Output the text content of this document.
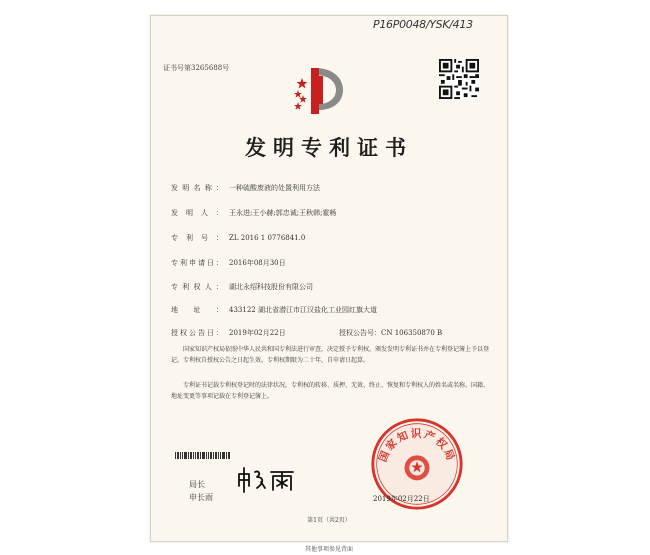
P16P0048/YSK/413
证书号第3265688号
发明专利证书
发明名称： 一种硫酸废液的处置利用方法
发明人： 王永进;王小赫;郭忠诚;王秋韩;霍畅
专利号： ZL 2016 1 0776841.0
专利申请日： 2016年08月30日
专利权人： 湖北永绍科技股份有限公司
地址： 433122 湖北省潜江市江汉盐化工业园红旗大道
授权公告日： 2019年02月22日	授权公告号：CN 106350870 B
国家知识产权局依照中华人民共和国专利法进行审查，决定授予专利权，颁发发明专利证书并在专利登记簿上予以登记。专利权自授权公告之日起生效。专利权期限为二十年，自申请日起算。
专利证书记载专利权登记时的法律状况。专利权的转移、质押、无效、终止、恢复和专利权人的姓名或名称、国籍、地址变更等事项记载在专利登记簿上。
局长
申长雨
国家知识产权局
2019年02月22日
第1页（共2页）
其他事项参见背面
